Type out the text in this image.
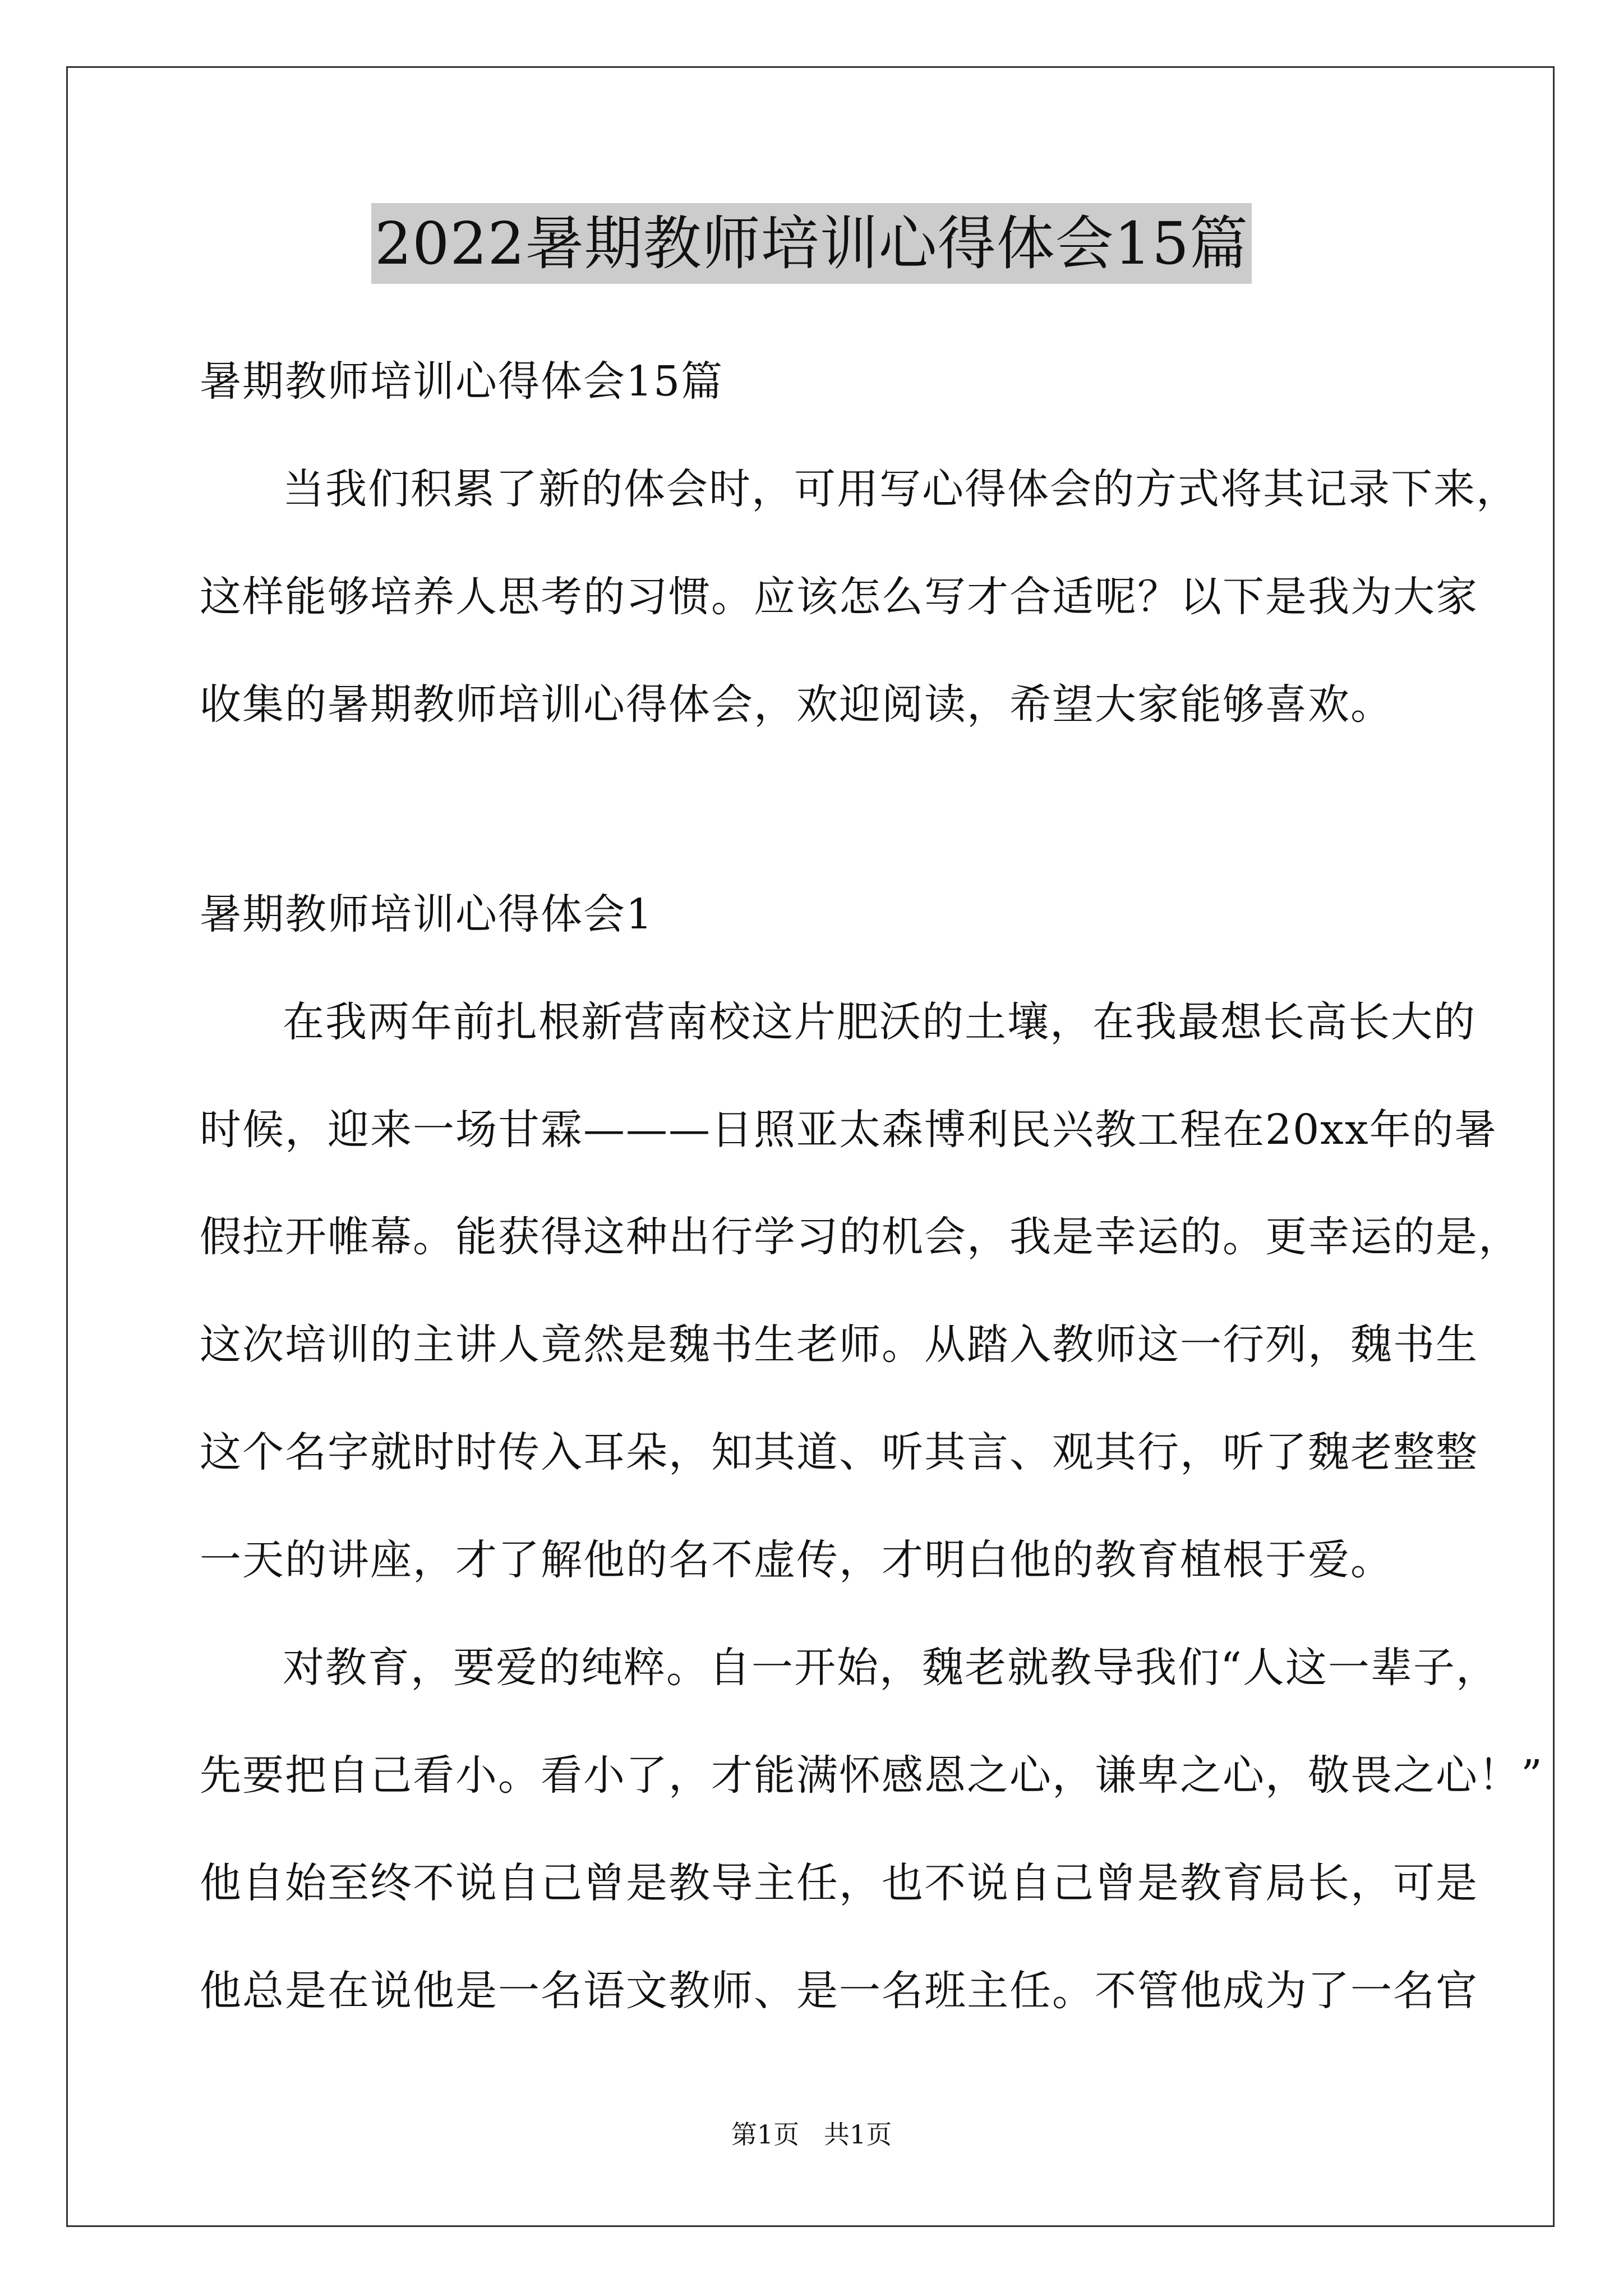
2022暑期教师培训心得体会15篇
暑期教师培训心得体会15篇
当我们积累了新的体会时，可用写心得体会的方式将其记录下来，
这样能够培养人思考的习惯。应该怎么写才合适呢？以下是我为大家
收集的暑期教师培训心得体会，欢迎阅读，希望大家能够喜欢。
暑期教师培训心得体会1
在我两年前扎根新营南校这片肥沃的土壤，在我最想长高长大的
时候，迎来一场甘霖———日照亚太森博利民兴教工程在20xx年的暑
假拉开帷幕。能获得这种出行学习的机会，我是幸运的。更幸运的是，
这次培训的主讲人竟然是魏书生老师。从踏入教师这一行列，魏书生
这个名字就时时传入耳朵，知其道、听其言、观其行，听了魏老整整
一天的讲座，才了解他的名不虚传，才明白他的教育植根于爱。
对教育，要爱的纯粹。自一开始，魏老就教导我们“人这一辈子，
先要把自己看小。看小了，才能满怀感恩之心，谦卑之心，敬畏之心！”
他自始至终不说自己曾是教导主任，也不说自己曾是教育局长，可是
他总是在说他是一名语文教师、是一名班主任。不管他成为了一名官
第1页   共1页
